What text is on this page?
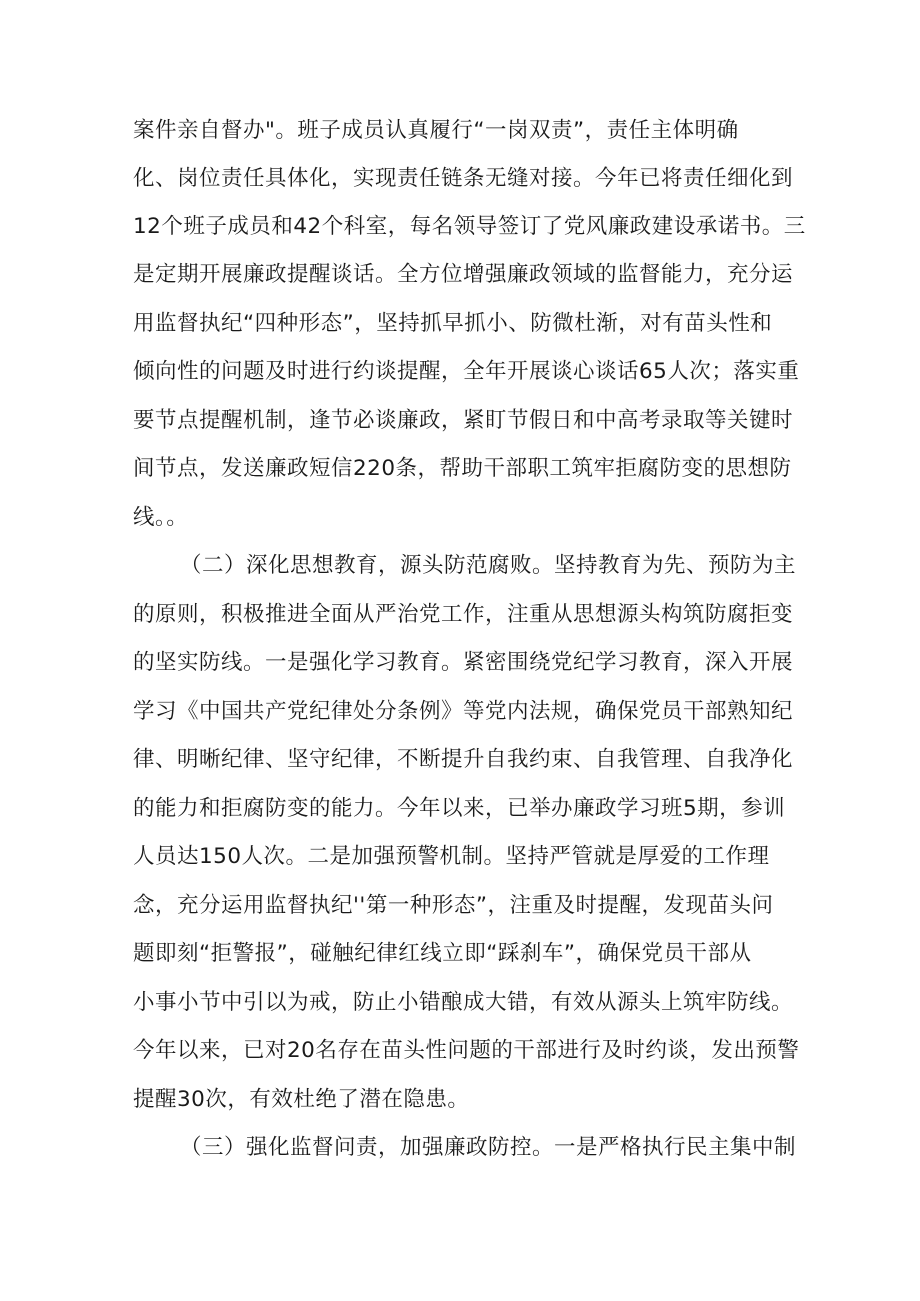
案件亲自督办"。班子成员认真履行“一岗双责”，责任主体明确
化、岗位责任具体化，实现责任链条无缝对接。今年已将责任细化到
12个班子成员和42个科室，每名领导签订了党风廉政建设承诺书。三
是定期开展廉政提醒谈话。全方位增强廉政领域的监督能力，充分运
用监督执纪“四种形态”，坚持抓早抓小、防微杜渐，对有苗头性和
倾向性的问题及时进行约谈提醒，全年开展谈心谈话65人次；落实重
要节点提醒机制，逢节必谈廉政，紧盯节假日和中高考录取等关键时
间节点，发送廉政短信220条，帮助干部职工筑牢拒腐防变的思想防
线。。
（二）深化思想教育，源头防范腐败。坚持教育为先、预防为主
的原则，积极推进全面从严治党工作，注重从思想源头构筑防腐拒变
的坚实防线。一是强化学习教育。紧密围绕党纪学习教育，深入开展
学习《中国共产党纪律处分条例》等党内法规，确保党员干部熟知纪
律、明晰纪律、坚守纪律，不断提升自我约束、自我管理、自我净化
的能力和拒腐防变的能力。今年以来，已举办廉政学习班5期，参训
人员达150人次。二是加强预警机制。坚持严管就是厚爱的工作理
念，充分运用监督执纪''第一种形态”，注重及时提醒，发现苗头问
题即刻“拒警报”，碰触纪律红线立即“踩刹车”，确保党员干部从
小事小节中引以为戒，防止小错酿成大错，有效从源头上筑牢防线。
今年以来，已对20名存在苗头性问题的干部进行及时约谈，发出预警
提醒30次，有效杜绝了潜在隐患。
（三）强化监督问责，加强廉政防控。一是严格执行民主集中制
